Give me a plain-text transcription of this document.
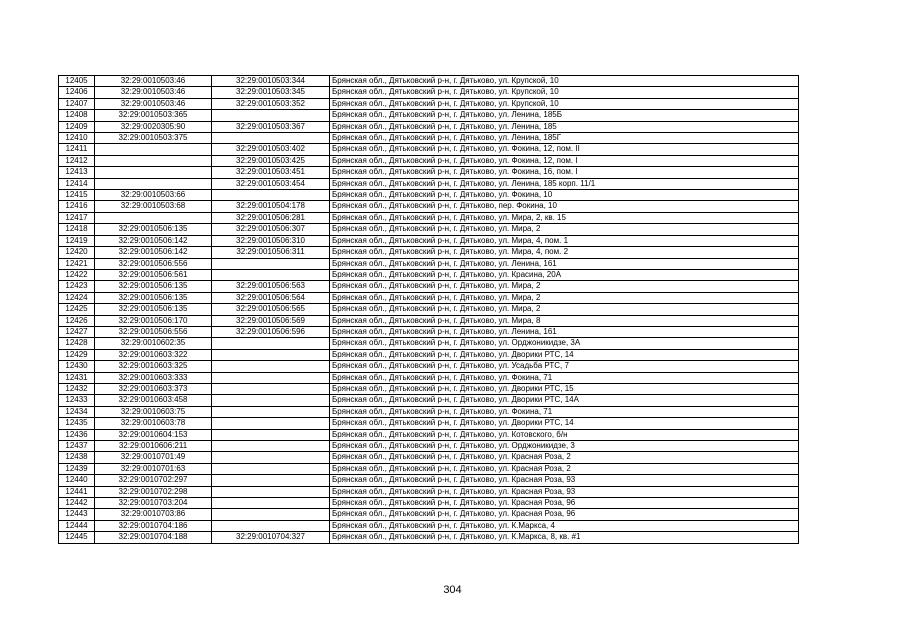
12405	32:29:0010503:46	32:29:0010503:344	Брянская обл., Дятьковский р-н, г. Дятьково, ул. Крупской, 10
12406	32:29:0010503:46	32:29:0010503:345	Брянская обл., Дятьковский р-н, г. Дятьково, ул. Крупской, 10
12407	32:29:0010503:46	32:29:0010503:352	Брянская обл., Дятьковский р-н, г. Дятьково, ул. Крупской, 10
12408	32:29:0010503:365		Брянская обл., Дятьковский р-н, г. Дятьково, ул. Ленина, 185Б
12409	32:29:0020305:90	32:29:0010503:367	Брянская обл., Дятьковский р-н, г. Дятьково, ул. Ленина, 185
12410	32:29:0010503:375		Брянская обл., Дятьковский р-н, г. Дятьково, ул. Ленина, 185Г
12411		32:29:0010503:402	Брянская обл., Дятьковский р-н, г. Дятьково, ул. Фокина, 12, пом. II
12412		32:29:0010503:425	Брянская обл., Дятьковский р-н, г. Дятьково, ул. Фокина, 12, пом. I
12413		32:29:0010503:451	Брянская обл., Дятьковский р-н, г. Дятьково, ул. Фокина, 16, пом. I
12414		32:29:0010503:454	Брянская обл., Дятьковский р-н, г. Дятьково, ул. Ленина, 185 корп. 11/1
12415	32:29:0010503:66		Брянская обл., Дятьковский р-н, г. Дятьково, ул. Фокина, 10
12416	32:29:0010503:68	32:29:0010504:178	Брянская обл., Дятьковский р-н, г. Дятьково, пер. Фокина, 10
12417		32:29:0010506:281	Брянская обл., Дятьковский р-н, г. Дятьково, ул. Мира, 2, кв. 15
12418	32:29:0010506:135	32:29:0010506:307	Брянская обл., Дятьковский р-н, г. Дятьково, ул. Мира, 2
12419	32:29:0010506:142	32:29:0010506:310	Брянская обл., Дятьковский р-н, г. Дятьково, ул. Мира, 4, пом. 1
12420	32:29:0010506:142	32:29:0010506:311	Брянская обл., Дятьковский р-н, г. Дятьково, ул. Мира, 4, пом. 2
12421	32:29:0010506:556		Брянская обл., Дятьковский р-н, г. Дятьково, ул. Ленина, 161
12422	32:29:0010506:561		Брянская обл., Дятьковский р-н, г. Дятьково, ул. Красина, 20А
12423	32:29:0010506:135	32:29:0010506:563	Брянская обл., Дятьковский р-н, г. Дятьково, ул. Мира, 2
12424	32:29:0010506:135	32:29:0010506:564	Брянская обл., Дятьковский р-н, г. Дятьково, ул. Мира, 2
12425	32:29:0010506:135	32:29:0010506:565	Брянская обл., Дятьковский р-н, г. Дятьково, ул. Мира, 2
12426	32:29:0010506:170	32:29:0010506:569	Брянская обл., Дятьковский р-н, г. Дятьково, ул. Мира, 8
12427	32:29:0010506:556	32:29:0010506:596	Брянская обл., Дятьковский р-н, г. Дятьково, ул. Ленина, 161
12428	32:29:0010602:35		Брянская обл., Дятьковский р-н, г. Дятьково, ул. Орджоникидзе, 3А
12429	32:29:0010603:322		Брянская обл., Дятьковский р-н, г. Дятьково, ул. Дворики РТС, 14
12430	32:29:0010603:325		Брянская обл., Дятьковский р-н, г. Дятьково, ул. Усадьба РТС, 7
12431	32:29:0010603:333		Брянская обл., Дятьковский р-н, г. Дятьково, ул. Фокина, 71
12432	32:29:0010603:373		Брянская обл., Дятьковский р-н, г. Дятьково, ул. Дворики РТС, 15
12433	32:29:0010603:458		Брянская обл., Дятьковский р-н, г. Дятьково, ул. Дворики РТС, 14А
12434	32:29:0010603:75		Брянская обл., Дятьковский р-н, г. Дятьково, ул. Фокина, 71
12435	32:29:0010603:78		Брянская обл., Дятьковский р-н, г. Дятьково, ул. Дворики РТС, 14
12436	32:29:0010604:153		Брянская обл., Дятьковский р-н, г. Дятьково, ул. Котовского, б/н
12437	32:29:0010606:211		Брянская обл., Дятьковский р-н, г. Дятьково, ул. Орджоникидзе, 3
12438	32:29:0010701:49		Брянская обл., Дятьковский р-н, г. Дятьково, ул. Красная Роза, 2
12439	32:29:0010701:63		Брянская обл., Дятьковский р-н, г. Дятьково, ул. Красная Роза, 2
12440	32:29:0010702:297		Брянская обл., Дятьковский р-н, г. Дятьково, ул. Красная Роза, 93
12441	32:29:0010702:298		Брянская обл., Дятьковский р-н, г. Дятьково, ул. Красная Роза, 93
12442	32:29:0010703:204		Брянская обл., Дятьковский р-н, г. Дятьково, ул. Красная Роза, 96
12443	32:29:0010703:86		Брянская обл., Дятьковский р-н, г. Дятьково, ул. Красная Роза, 96
12444	32:29:0010704:186		Брянская обл., Дятьковский р-н, г. Дятьково, ул. К.Маркса, 4
12445	32:29:0010704:188	32:29:0010704:327	Брянская обл., Дятьковский р-н, г. Дятьково, ул. К.Маркса, 8, кв. #1
304
